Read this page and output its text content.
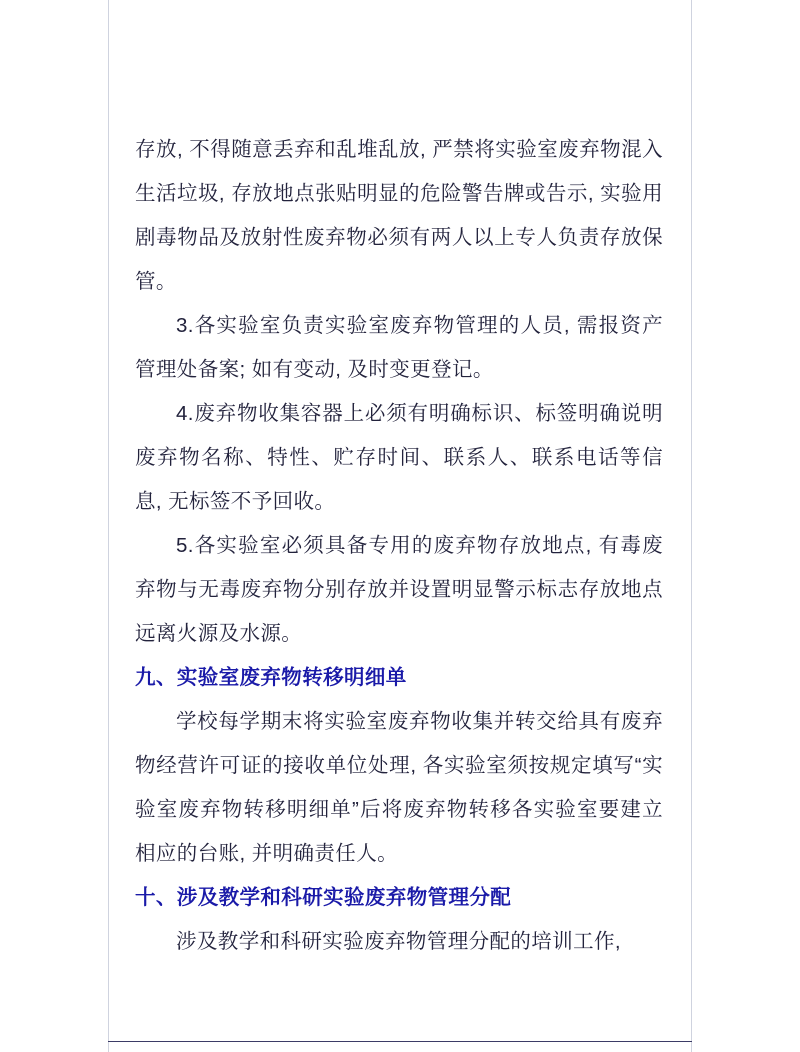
存放, 不得随意丢弃和乱堆乱放, 严禁将实验室废弃物混入生活垃圾, 存放地点张贴明显的危险警告牌或告示, 实验用剧毒物品及放射性废弃物必须有两人以上专人负责存放保管。

3.各实验室负责实验室废弃物管理的人员, 需报资产管理处备案; 如有变动, 及时变更登记。

4.废弃物收集容器上必须有明确标识、标签明确说明废弃物名称、特性、贮存时间、联系人、联系电话等信息, 无标签不予回收。

5.各实验室必须具备专用的废弃物存放地点, 有毒废弃物与无毒废弃物分别存放并设置明显警示标志存放地点远离火源及水源。

九、实验室废弃物转移明细单

学校每学期末将实验室废弃物收集并转交给具有废弃物经营许可证的接收单位处理, 各实验室须按规定填写“实验室废弃物转移明细单”后将废弃物转移各实验室要建立相应的台账, 并明确责任人。

十、涉及教学和科研实验废弃物管理分配

涉及教学和科研实验废弃物管理分配的培训工作,
